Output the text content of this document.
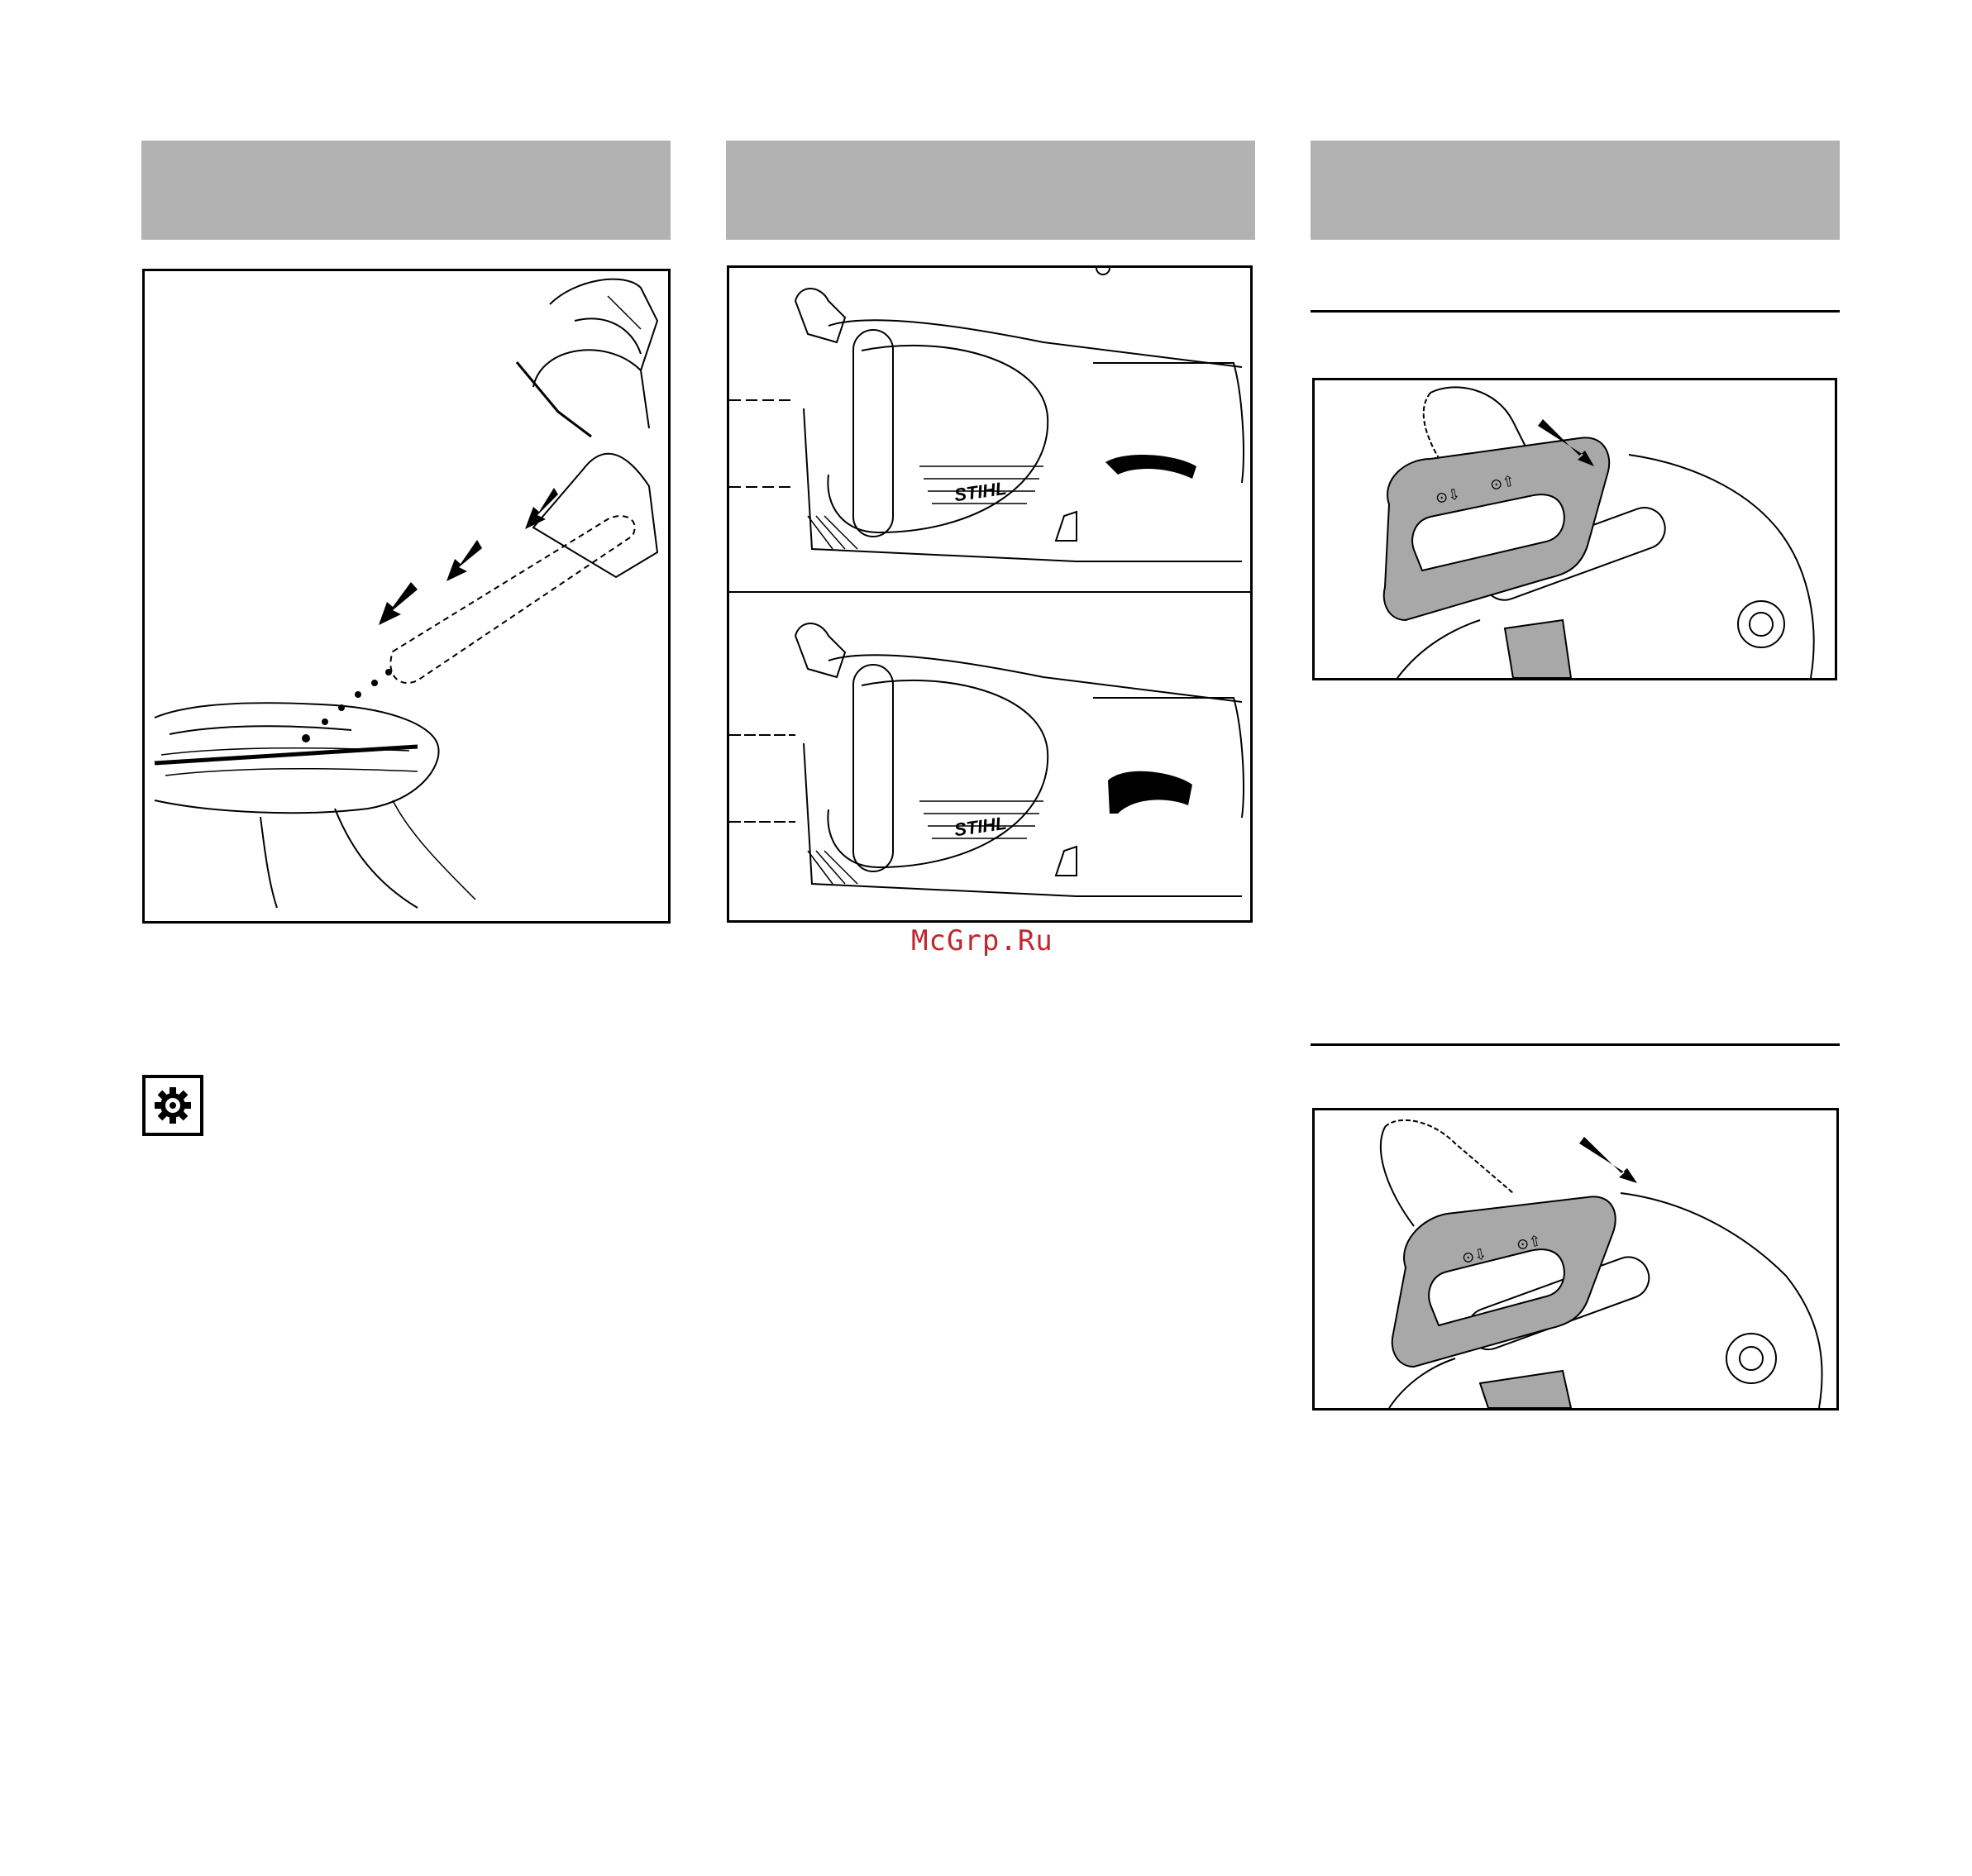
STIHL
STIHL
⊙⇩
⊙⇧
⊙⇩
⊙⇧
McGrp.Ru
